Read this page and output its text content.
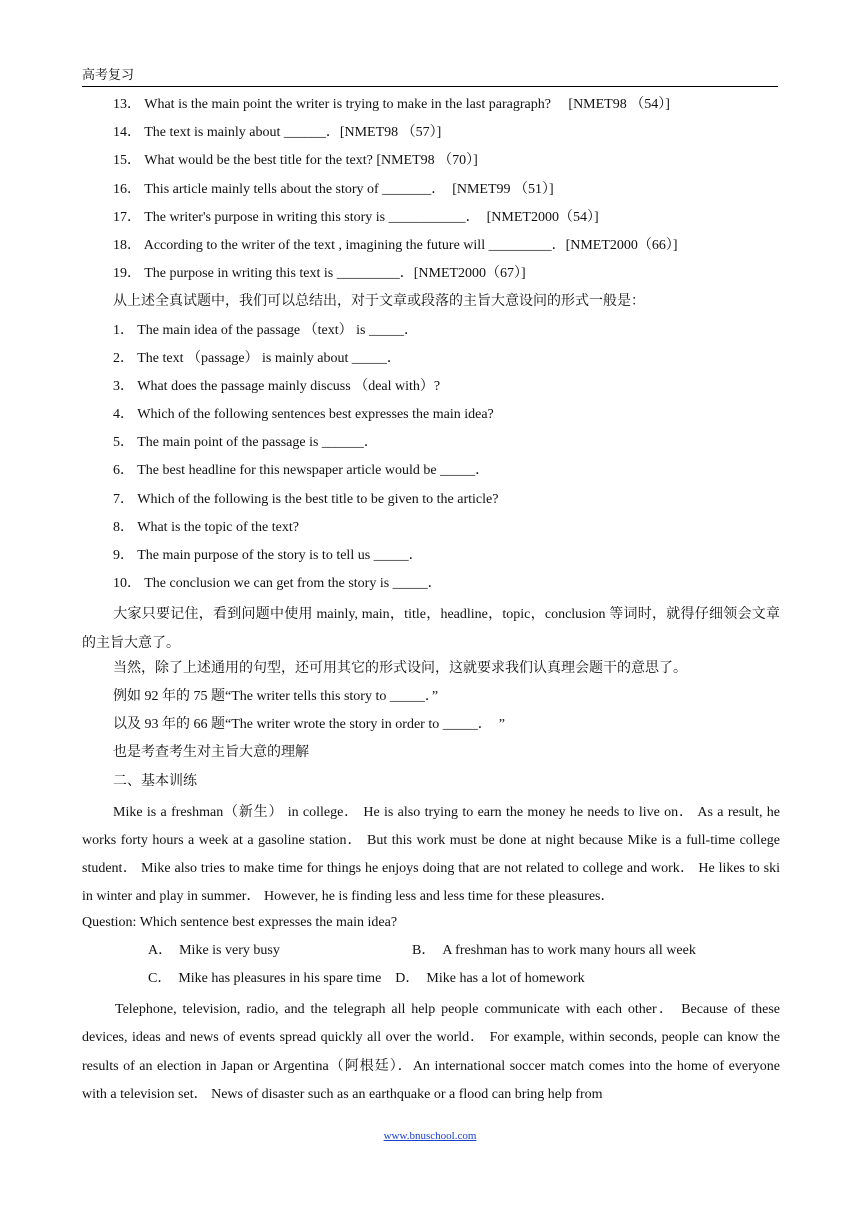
高考复习
13． What is the main point the writer is trying to make in the last paragraph?　 [NMET98 （54）]
14． The text is mainly about ______．[NMET98 （57）]
15． What would be the best title for the text? [NMET98 （70）]
16． This article mainly tells about the story of _______．　[NMET99 （51）]
17． The writer's purpose in writing this story is ___________．　[NMET2000（54）]
18． According to the writer of the text , imagining the future will _________．[NMET2000（66）]
19． The purpose in writing this text is _________．[NMET2000（67）]
从上述全真试题中，我们可以总结出，对于文章或段落的主旨大意设问的形式一般是：
1． The main idea of the passage （text） is _____．
2． The text （passage） is mainly about _____．
3． What does the passage mainly discuss （deal with）?
4． Which of the following sentences best expresses the main idea?
5． The main point of the passage is ______．
6． The best headline for this newspaper article would be _____．
7． Which of the following is the best title to be given to the article?
8． What is the topic of the text?
9． The main purpose of the story is to tell us _____．
10． The conclusion we can get from the story is _____．
大家只要记住，看到问题中使用 mainly, main，title，headline，topic，conclusion 等词时，就得仔细领会文章的主旨大意了。
当然，除了上述通用的句型，还可用其它的形式设问，这就要求我们认真理会题干的意思了。
例如 92 年的 75 题“The writer tells this story to _____．”
以及 93 年的 66 题“The writer wrote the story in order to _____．　”
也是考查考生对主旨大意的理解
二、基本训练
Mike is a freshman（新生） in college． He is also trying to earn the money he needs to live on． As a result, he works forty hours a week at a gasoline station． But this work must be done at night because Mike is a full-time college student． Mike also tries to make time for things he enjoys doing that are not related to college and work． He likes to ski in winter and play in summer． However, he is finding less and less time for these pleasures．
Question: Which sentence best expresses the main idea?
A．　Mike is very busy	B．　A freshman has to work many hours all week
C．　Mike has pleasures in his spare time D．　Mike has a lot of homework
Telephone, television, radio, and the telegraph all help people communicate with each other． Because of these devices, ideas and news of events spread quickly all over the world． For example, within seconds, people can know the results of an election in Japan or Argentina（阿根廷）．An international soccer match comes into the home of everyone with a television set． News of disaster such as an earthquake or a flood can bring help from
www.bnuschool.com
